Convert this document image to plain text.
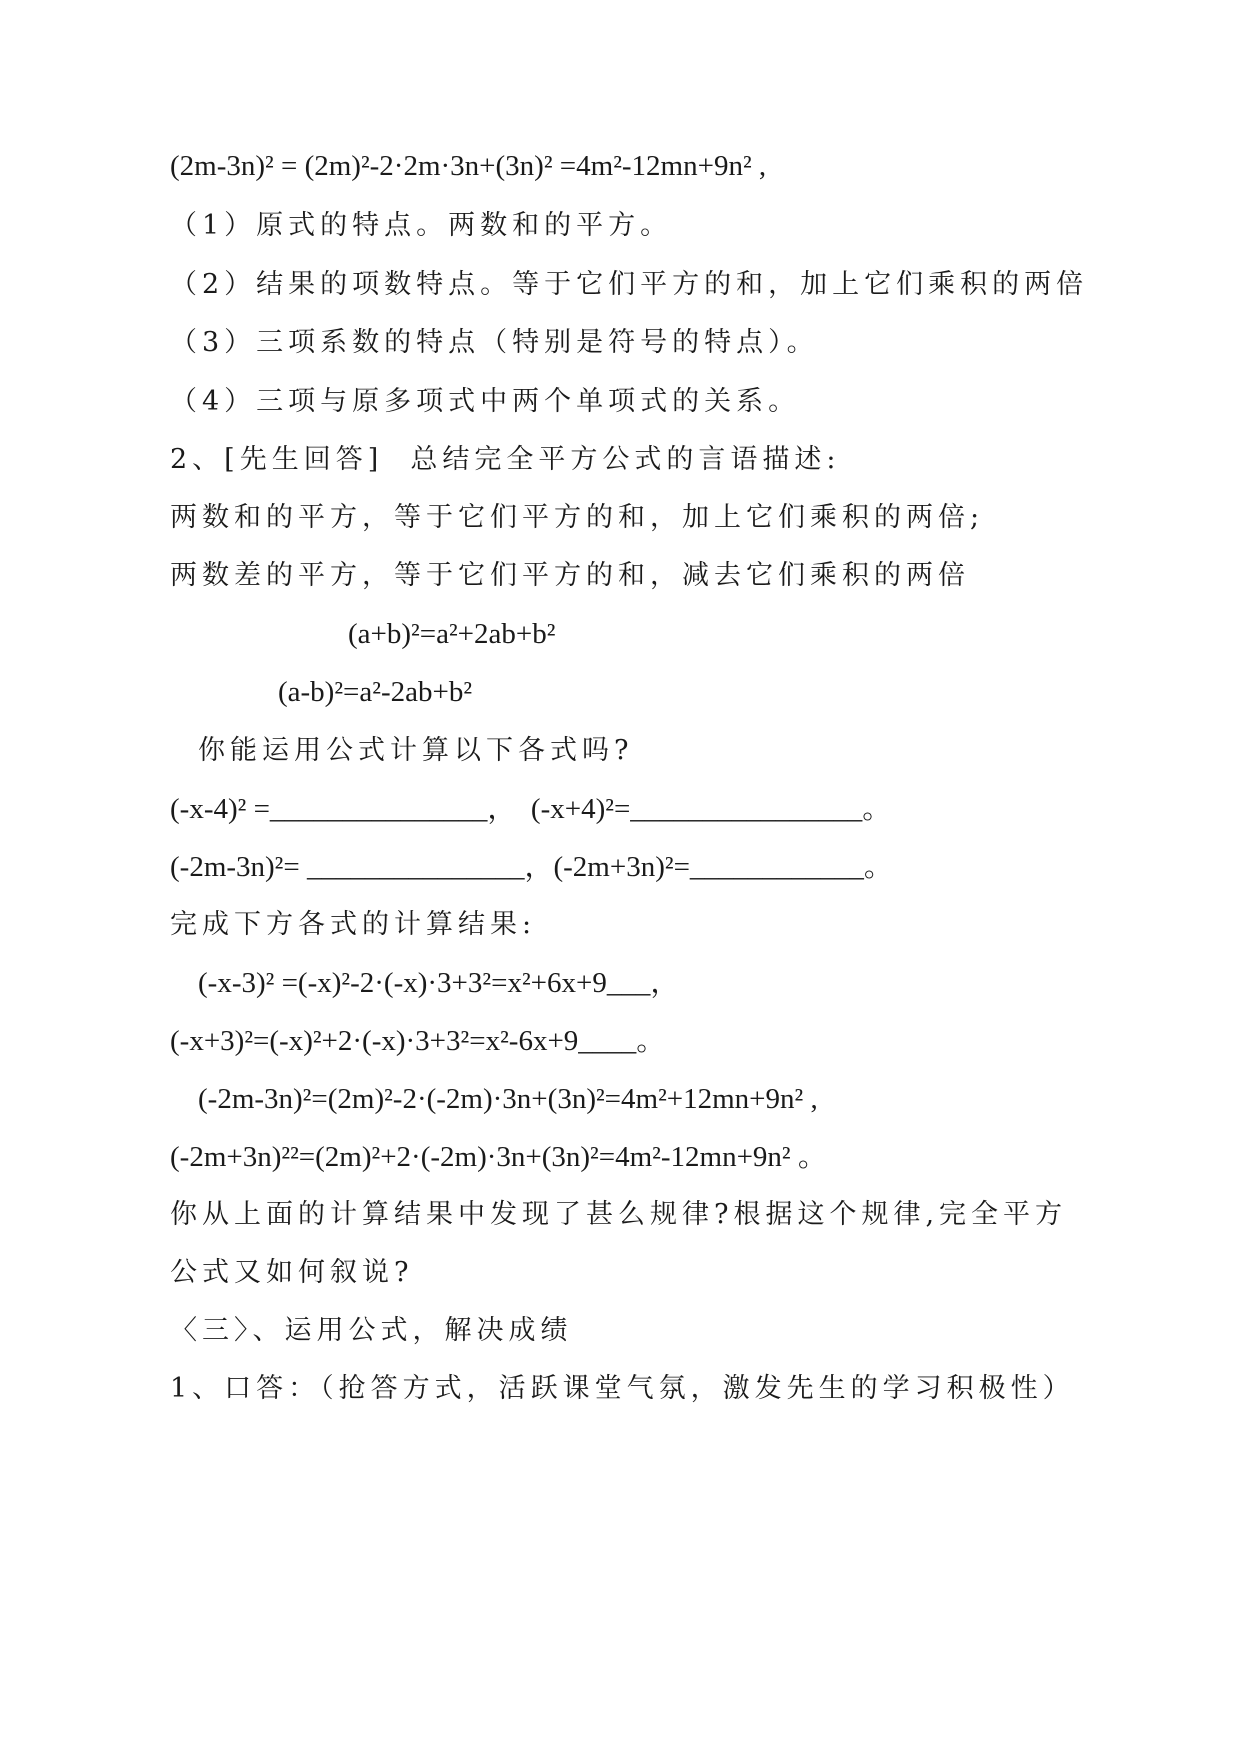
(2m-3n)² = (2m)²-2·2m·3n+(3n)² =4m²-12mn+9n² ,
（1）原式的特点。两数和的平方。
（2）结果的项数特点。等于它们平方的和，加上它们乘积的两倍
（3）三项系数的特点（特别是符号的特点）。
（4）三项与原多项式中两个单项式的关系。
2、[先生回答]  总结完全平方公式的言语描述:
两数和的平方，等于它们平方的和，加上它们乘积的两倍;
两数差的平方，等于它们平方的和，减去它们乘积的两倍
(a+b)²=a²+2ab+b²
(a-b)²=a²-2ab+b²
你能运用公式计算以下各式吗?
(-x-4)² =_______________，  (-x+4)²=________________。
(-2m-3n)²= _______________，(-2m+3n)²=____________。
完成下方各式的计算结果:
(-x-3)² =(-x)²-2·(-x)·3+3²=x²+6x+9___，
(-x+3)²=(-x)²+2·(-x)·3+3²=x²-6x+9____。
(-2m-3n)²=(2m)²-2·(-2m)·3n+(3n)²=4m²+12mn+9n² ,
(-2m+3n)²²=(2m)²+2·(-2m)·3n+(3n)²=4m²-12mn+9n² 。
你从上面的计算结果中发现了甚么规律?根据这个规律,完全平方
公式又如何叙说?
〈三〉、运用公式，解决成绩
1、口答：（抢答方式，活跃课堂气氛，激发先生的学习积极性）
